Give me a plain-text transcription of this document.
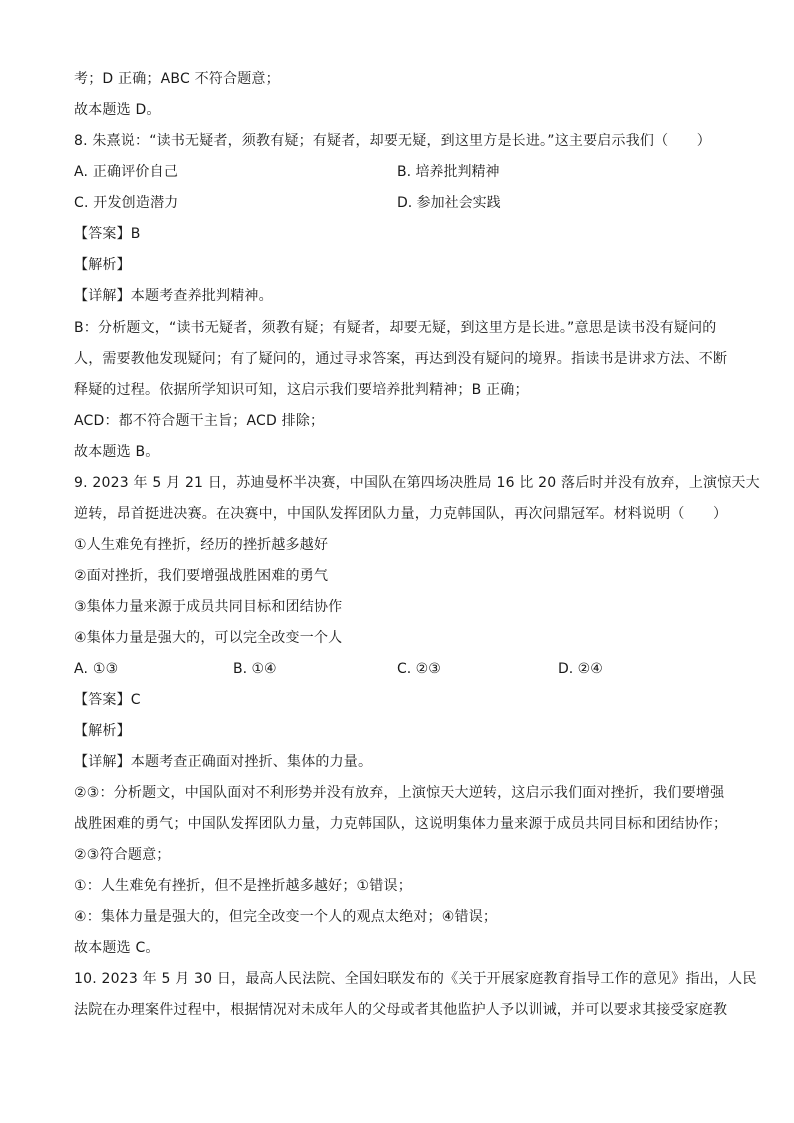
考；D 正确；ABC 不符合题意；
故本题选 D。
8. 朱熹说：“读书无疑者，须教有疑；有疑者，却要无疑，到这里方是长进。”这主要启示我们（　　）
A. 正确评价自己	B. 培养批判精神
C. 开发创造潜力	D. 参加社会实践
【答案】B
【解析】
【详解】本题考查养批判精神。
B：分析题文，“读书无疑者，须教有疑；有疑者，却要无疑，到这里方是长进。”意思是读书没有疑问的
人，需要教他发现疑问；有了疑问的，通过寻求答案，再达到没有疑问的境界。指读书是讲求方法、不断
释疑的过程。依据所学知识可知，这启示我们要培养批判精神；B 正确；
ACD：都不符合题干主旨；ACD 排除；
故本题选 B。
9. 2023 年 5 月 21 日，苏迪曼杯半决赛，中国队在第四场决胜局 16 比 20 落后时并没有放弃，上演惊天大
逆转，昂首挺进决赛。在决赛中，中国队发挥团队力量，力克韩国队，再次问鼎冠军。材料说明（　　）
①人生难免有挫折，经历的挫折越多越好
②面对挫折，我们要增强战胜困难的勇气
③集体力量来源于成员共同目标和团结协作
④集体力量是强大的，可以完全改变一个人
A. ①③	B. ①④	C. ②③	D. ②④
【答案】C
【解析】
【详解】本题考查正确面对挫折、集体的力量。
②③：分析题文，中国队面对不利形势并没有放弃，上演惊天大逆转，这启示我们面对挫折，我们要增强
战胜困难的勇气；中国队发挥团队力量，力克韩国队，这说明集体力量来源于成员共同目标和团结协作；
②③符合题意；
①：人生难免有挫折，但不是挫折越多越好；①错误；
④：集体力量是强大的，但完全改变一个人的观点太绝对；④错误；
故本题选 C。
10. 2023 年 5 月 30 日，最高人民法院、全国妇联发布的《关于开展家庭教育指导工作的意见》指出，人民
法院在办理案件过程中，根据情况对未成年人的父母或者其他监护人予以训诫，并可以要求其接受家庭教
